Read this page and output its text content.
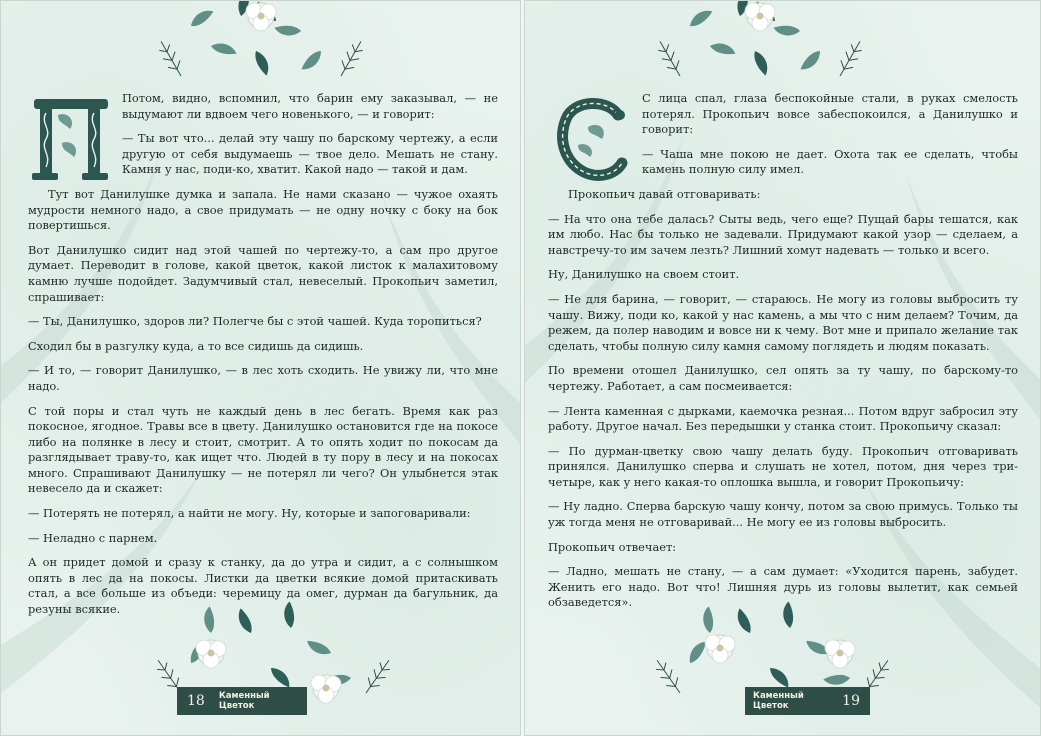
Потом, видно, вспомнил, что барин ему заказывал, — не выдумают ли вдвоем чего новенького, — и говорит:

— Ты вот что... делай эту чашу по барскому чертежу, а если другую от себя выдумаешь — твое дело. Мешать не стану. Камня у нас, поди-ко, хватит. Какой надо — такой и дам.

Тут вот Данилушке думка и запала. Не нами сказано — чужое охаять мудрости немного надо, а свое придумать — не одну ночку с боку на бок повертишься.

Вот Данилушко сидит над этой чашей по чертежу-то, а сам про другое думает. Переводит в голове, какой цветок, какой листок к малахитовому камню лучше подойдет. Задумчивый стал, невеселый. Прокопьич заметил, спрашивает:

— Ты, Данилушко, здоров ли? Полегче бы с этой чашей. Куда торопиться?

Сходил бы в разгулку куда, а то все сидишь да сидишь.

— И то, — говорит Данилушко, — в лес хоть сходить. Не увижу ли, что мне надо.

С той поры и стал чуть не каждый день в лес бегать. Время как раз покосное, ягодное. Травы все в цвету. Данилушко остановится где на покосе либо на полянке в лесу и стоит, смотрит. А то опять ходит по покосам да разглядывает траву-то, как ищет что. Людей в ту пору в лесу и на покосах много. Спрашивают Данилушку — не потерял ли чего? Он улыбнется этак невесело да и скажет:

— Потерять не потерял, а найти не могу. Ну, которые и запоговаривали:

— Неладно с парнем.

А он придет домой и сразу к станку, да до утра и сидит, а с солнышком опять в лес да на покосы. Листки да цветки всякие домой притаскивать стал, а все больше из объеди: черемицу да омег, дурман да багульник, да резуны всякие.

18 Каменный Цветок

С лица спал, глаза беспокойные стали, в руках смелость потерял. Прокопьич вовсе забеспокоился, а Данилушко и говорит:

— Чаша мне покою не дает. Охота так ее сделать, чтобы камень полную силу имел.

Прокопьич давай отговаривать:

— На что она тебе далась? Сыты ведь, чего еще? Пущай бары тешатся, как им любо. Нас бы только не задевали. Придумают какой узор — сделаем, а навстречу-то им зачем лезть? Лишний хомут надевать — только и всего.

Ну, Данилушко на своем стоит.

— Не для барина, — говорит, — стараюсь. Не могу из головы выбросить ту чашу. Вижу, поди ко, какой у нас камень, а мы что с ним делаем? Точим, да режем, да полер наводим и вовсе ни к чему. Вот мне и припало желание так сделать, чтобы полную силу камня самому поглядеть и людям показать.

По времени отошел Данилушко, сел опять за ту чашу, по барскому-то чертежу. Работает, а сам посмеивается:

— Лента каменная с дырками, каемочка резная... Потом вдруг забросил эту работу. Другое начал. Без передышки у станка стоит. Прокопьичу сказал:

— По дурман-цветку свою чашу делать буду. Прокопьич отговаривать принялся. Данилушко сперва и слушать не хотел, потом, дня через три-четыре, как у него какая-то оплошка вышла, и говорит Прокопьичу:

— Ну ладно. Сперва барскую чашу кончу, потом за свою примусь. Только ты уж тогда меня не отговаривай... Не могу ее из головы выбросить.

Прокопьич отвечает:

— Ладно, мешать не стану, — а сам думает: «Уходится парень, забудет. Женить его надо. Вот что! Лишняя дурь из головы вылетит, как семьей обзаведется».

Каменный Цветок	19
